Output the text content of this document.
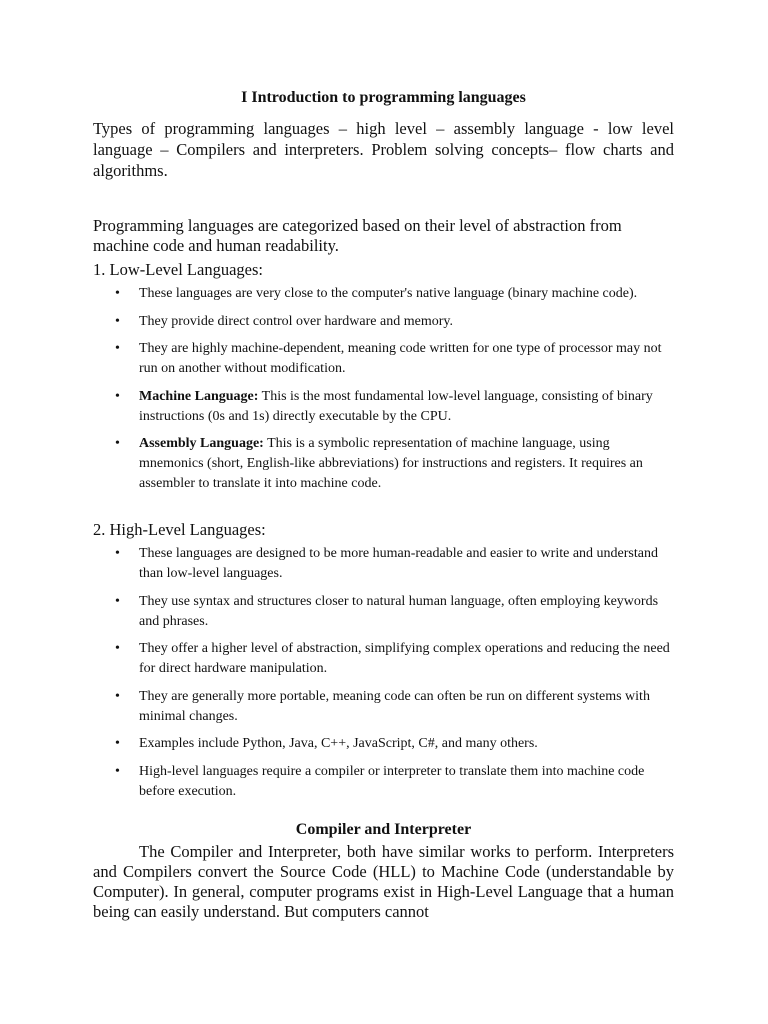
I Introduction to programming languages

Types of programming languages – high level – assembly language - low level language – Compilers and interpreters. Problem solving concepts– flow charts and algorithms.

Programming languages are categorized based on their level of abstraction from machine code and human readability.

1. Low-Level Languages:

• These languages are very close to the computer's native language (binary machine code).
• They provide direct control over hardware and memory.
• They are highly machine-dependent, meaning code written for one type of processor may not run on another without modification.
• Machine Language: This is the most fundamental low-level language, consisting of binary instructions (0s and 1s) directly executable by the CPU.
• Assembly Language: This is a symbolic representation of machine language, using mnemonics (short, English-like abbreviations) for instructions and registers. It requires an assembler to translate it into machine code.

2. High-Level Languages:

• These languages are designed to be more human-readable and easier to write and understand than low-level languages.
• They use syntax and structures closer to natural human language, often employing keywords and phrases.
• They offer a higher level of abstraction, simplifying complex operations and reducing the need for direct hardware manipulation.
• They are generally more portable, meaning code can often be run on different systems with minimal changes.
• Examples include Python, Java, C++, JavaScript, C#, and many others.
• High-level languages require a compiler or interpreter to translate them into machine code before execution.
Compiler and Interpreter

The Compiler and Interpreter, both have similar works to perform. Interpreters and Compilers convert the Source Code (HLL) to Machine Code (understandable by Computer). In general, computer programs exist in High-Level Language that a human being can easily understand. But computers cannot
